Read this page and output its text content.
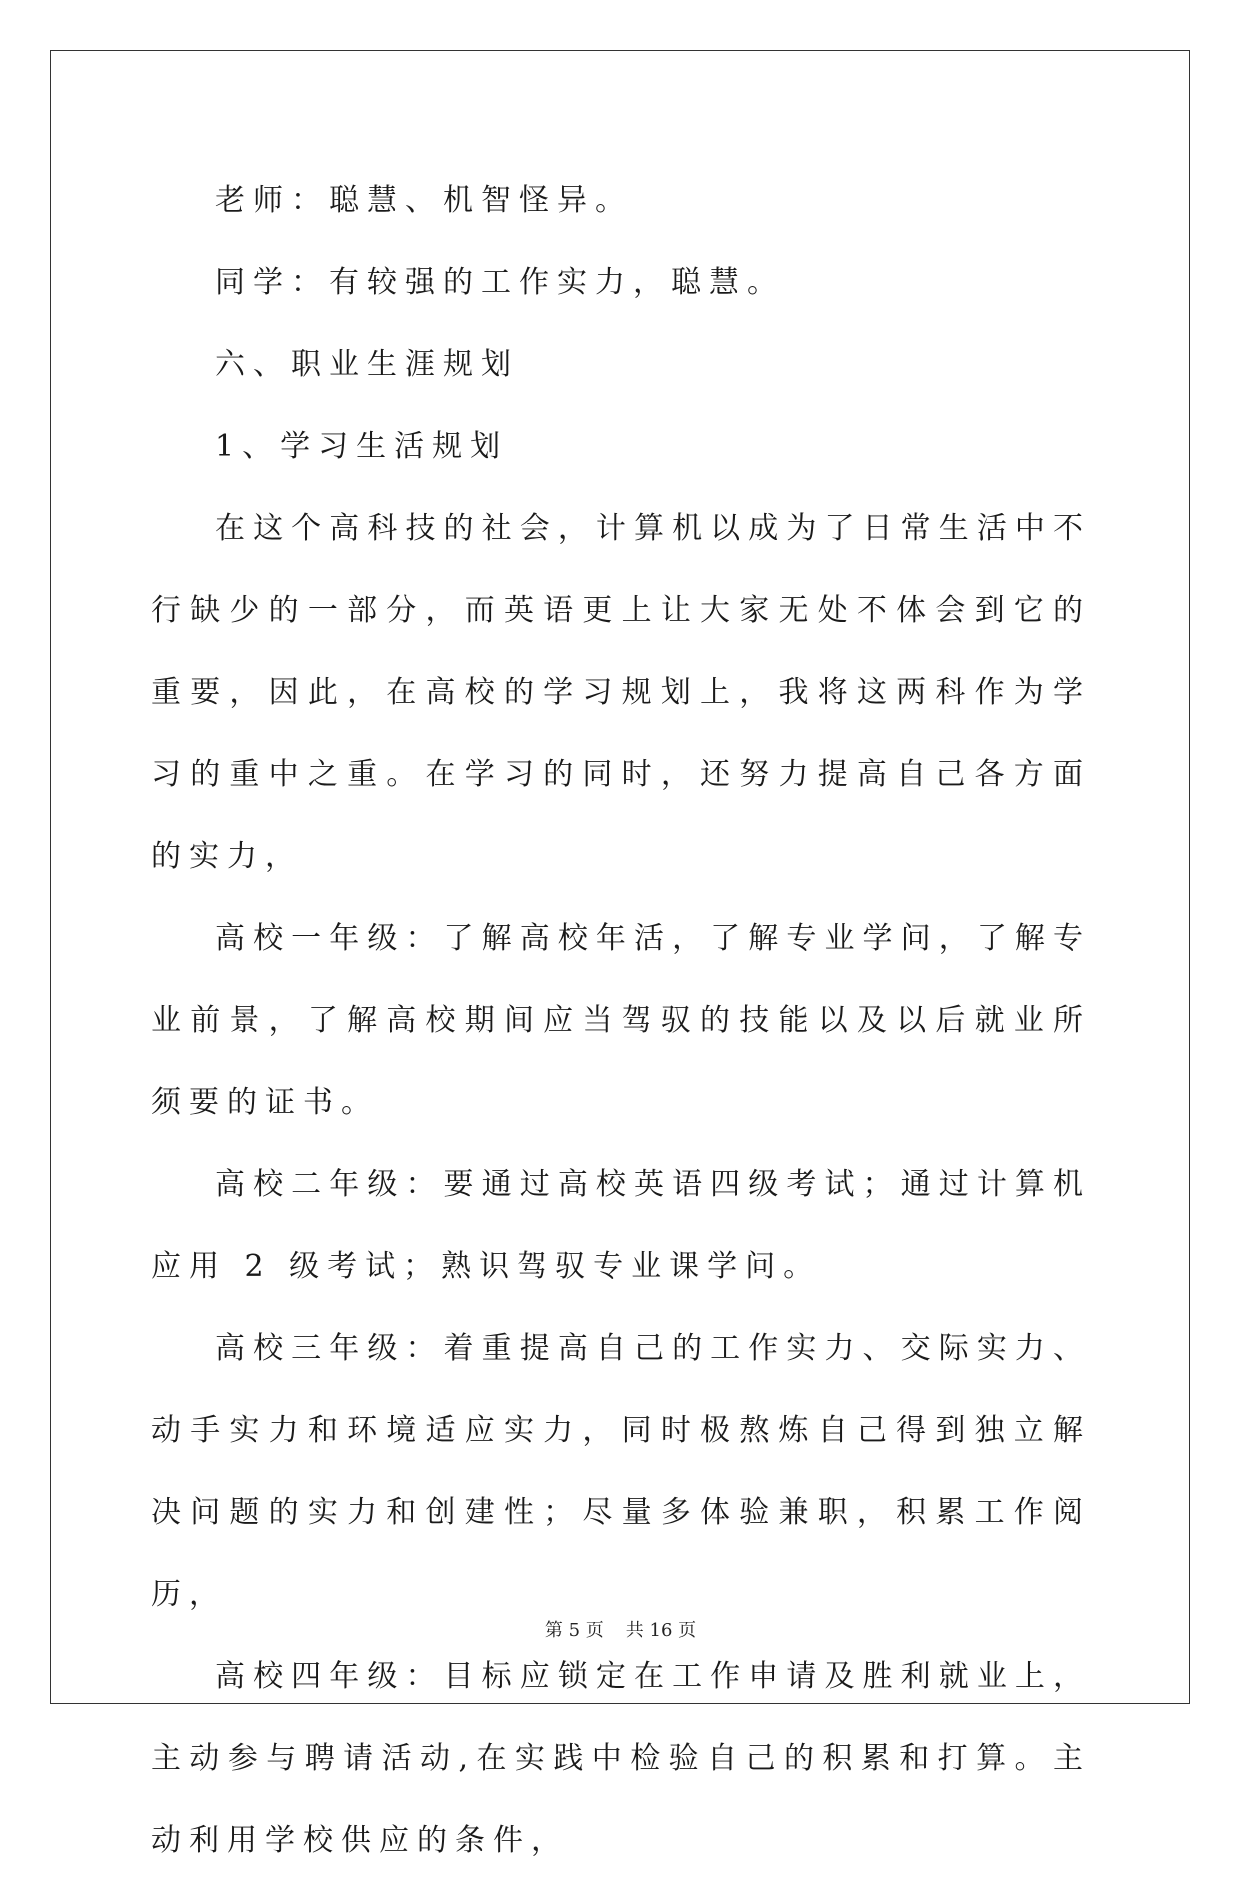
老师：聪慧、机智怪异。

同学：有较强的工作实力，聪慧。

六、职业生涯规划

1、学习生活规划

在这个高科技的社会，计算机以成为了日常生活中不行缺少的一部分，而英语更上让大家无处不体会到它的重要，因此，在高校的学习规划上，我将这两科作为学习的重中之重。在学习的同时，还努力提高自己各方面的实力，

高校一年级：了解高校年活，了解专业学问，了解专业前景，了解高校期间应当驾驭的技能以及以后就业所须要的证书。

高校二年级：要通过高校英语四级考试；通过计算机应用 2 级考试；熟识驾驭专业课学问。

高校三年级：着重提高自己的工作实力、交际实力、动手实力和环境适应实力，同时极熬炼自己得到独立解决问题的实力和创建性；尽量多体验兼职，积累工作阅历，

高校四年级：目标应锁定在工作申请及胜利就业上，主动参与聘请活动,在实践中检验自己的积累和打算。主动利用学校供应的条件，

第 5 页 共 16 页
